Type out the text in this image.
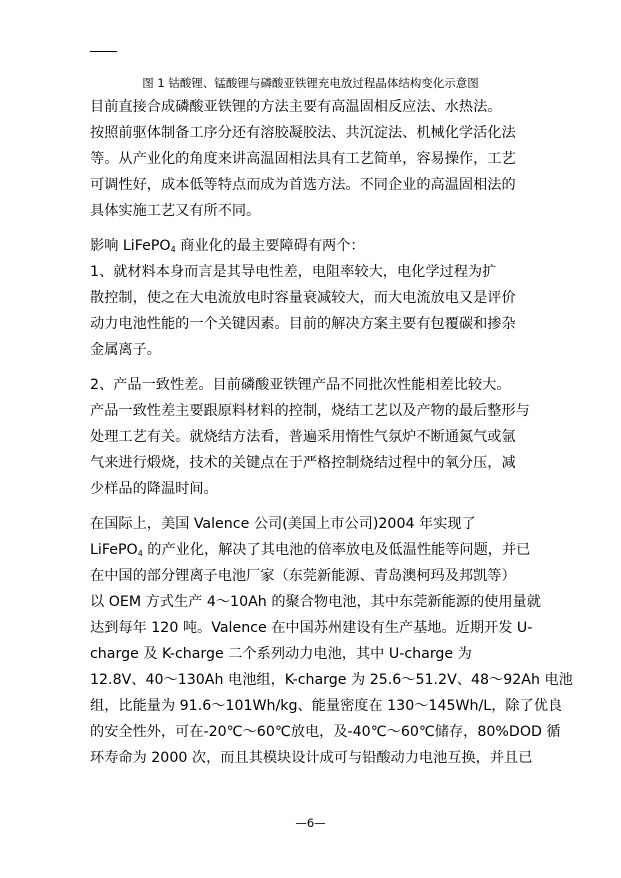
图 1 钴酸锂、锰酸锂与磷酸亚铁锂充电放过程晶体结构变化示意图
目前直接合成磷酸亚铁锂的方法主要有高温固相反应法、水热法。
按照前驱体制备工序分还有溶胶凝胶法、共沉淀法、机械化学活化法
等。从产业化的角度来讲高温固相法具有工艺简单，容易操作，工艺
可调性好，成本低等特点而成为首选方法。不同企业的高温固相法的
具体实施工艺又有所不同。
影响 LiFePO$_4$ 商业化的最主要障碍有两个：
1、就材料本身而言是其导电性差，电阻率较大，电化学过程为扩
散控制，使之在大电流放电时容量衰减较大，而大电流放电又是评价
动力电池性能的一个关键因素。目前的解决方案主要有包覆碳和掺杂
金属离子。
2、产品一致性差。目前磷酸亚铁锂产品不同批次性能相差比较大。
产品一致性差主要跟原料材料的控制，烧结工艺以及产物的最后整形与
处理工艺有关。就烧结方法看，普遍采用惰性气氛炉不断通氮气或氩
气来进行煅烧，技术的关键点在于严格控制烧结过程中的氧分压，减
少样品的降温时间。
在国际上，美国 Valence 公司(美国上市公司)2004 年实现了
LiFePO$_4$ 的产业化，解决了其电池的倍率放电及低温性能等问题，并已
在中国的部分锂离子电池厂家（东莞新能源、青岛澳柯玛及邦凯等）
以 OEM 方式生产 4～10Ah 的聚合物电池，其中东莞新能源的使用量就
达到每年 120 吨。Valence 在中国苏州建设有生产基地。近期开发 U-
charge 及 K-charge 二个系列动力电池，其中 U-charge 为
12.8V、40～130Ah 电池组，K-charge 为 25.6～51.2V、48～92Ah 电池
组，比能量为 91.6～101Wh/kg、能量密度在 130～145Wh/L，除了优良
的安全性外，可在-20℃～60℃放电，及-40℃～60℃储存，80%DOD 循
环寿命为 2000 次，而且其模块设计成可与铅酸动力电池互换，并且已
—6—
